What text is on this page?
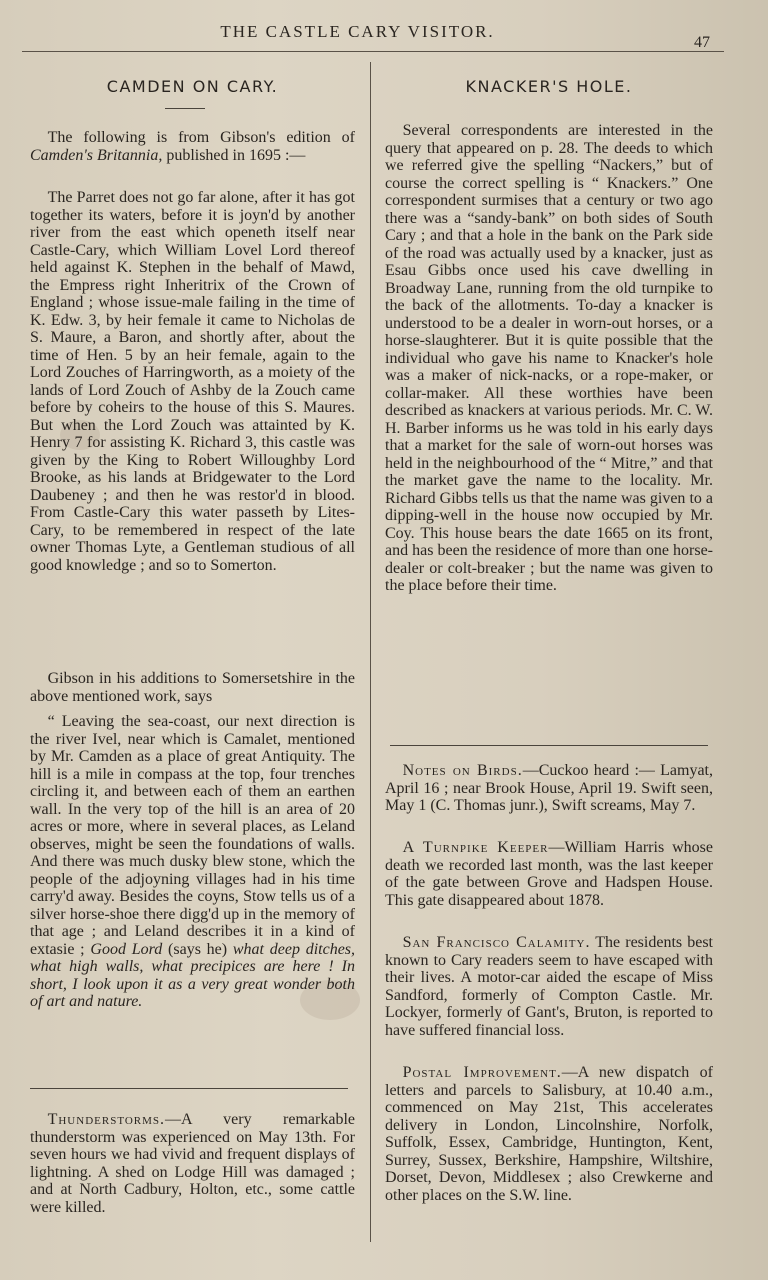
THE CASTLE CARY VISITOR.
47
CAMDEN ON CARY.

The following is from Gibson's edition of Camden's Britannia, published in 1695 :—

The Parret does not go far alone, after it has got together its waters, before it is joyn'd by another river from the east which openeth itself near Castle-Cary, which William Lovel Lord thereof held against K. Stephen in the behalf of Mawd, the Empress right Inheritrix of the Crown of England ; whose issue-male failing in the time of K. Edw. 3, by heir female it came to Nicholas de S. Maure, a Baron, and shortly after, about the time of Hen. 5 by an heir female, again to the Lord Zouches of Harringworth, as a moiety of the lands of Lord Zouch of Ashby de la Zouch came before by coheirs to the house of this S. Maures. But when the Lord Zouch was attainted by K. Henry 7 for assisting K. Richard 3, this castle was given by the King to Robert Willoughby Lord Brooke, as his lands at Bridgewater to the Lord Daubeney ; and then he was restor'd in blood. From Castle-Cary this water passeth by Lites-Cary, to be remembered in respect of the late owner Thomas Lyte, a Gentleman studious of all good knowledge ; and so to Somerton.

Gibson in his additions to Somersetshire in the above mentioned work, says

“ Leaving the sea-coast, our next direction is the river Ivel, near which is Camalet, mentioned by Mr. Camden as a place of great Antiquity. The hill is a mile in compass at the top, four trenches circling it, and between each of them an earthen wall. In the very top of the hill is an area of 20 acres or more, where in several places, as Leland observes, might be seen the foundations of walls. And there was much dusky blew stone, which the people of the adjoyning villages had in his time carry'd away. Besides the coyns, Stow tells us of a silver horse-shoe there digg'd up in the memory of that age ; and Leland describes it in a kind of extasie ; Good Lord (says he) what deep ditches, what high walls, what precipices are here ! In short, I look upon it as a very great wonder both of art and nature.

Thunderstorms.—A very remarkable thunderstorm was experienced on May 13th. For seven hours we had vivid and frequent displays of lightning. A shed on Lodge Hill was damaged ; and at North Cadbury, Holton, etc., some cattle were killed.

KNACKER'S HOLE.

Several correspondents are interested in the query that appeared on p. 28. The deeds to which we referred give the spelling “Nackers,” but of course the correct spelling is “ Knackers.” One correspondent surmises that a century or two ago there was a “sandy-bank” on both sides of South Cary ; and that a hole in the bank on the Park side of the road was actually used by a knacker, just as Esau Gibbs once used his cave dwelling in Broadway Lane, running from the old turnpike to the back of the allotments. To-day a knacker is understood to be a dealer in worn-out horses, or a horse-slaughterer. But it is quite possible that the individual who gave his name to Knacker's hole was a maker of nick-nacks, or a rope-maker, or collar-maker. All these worthies have been described as knackers at various periods. Mr. C. W. H. Barber informs us he was told in his early days that a market for the sale of worn-out horses was held in the neighbourhood of the “ Mitre,” and that the market gave the name to the locality. Mr. Richard Gibbs tells us that the name was given to a dipping-well in the house now occupied by Mr. Coy. This house bears the date 1665 on its front, and has been the residence of more than one horse-dealer or colt-breaker ; but the name was given to the place before their time.

Notes on Birds.—Cuckoo heard :— Lamyat, April 16 ; near Brook House, April 19. Swift seen, May 1 (C. Thomas junr.), Swift screams, May 7.

A Turnpike Keeper—William Harris whose death we recorded last month, was the last keeper of the gate between Grove and Hadspen House. This gate disappeared about 1878.

San Francisco Calamity. The residents best known to Cary readers seem to have escaped with their lives. A motor-car aided the escape of Miss Sandford, formerly of Compton Castle. Mr. Lockyer, formerly of Gant's, Bruton, is reported to have suffered financial loss.

Postal Improvement.—A new dispatch of letters and parcels to Salisbury, at 10.40 a.m., commenced on May 21st, This accelerates delivery in London, Lincolnshire, Norfolk, Suffolk, Essex, Cambridge, Huntington, Kent, Surrey, Sussex, Berkshire, Hampshire, Wiltshire, Dorset, Devon, Middlesex ; also Crewkerne and other places on the S.W. line.
